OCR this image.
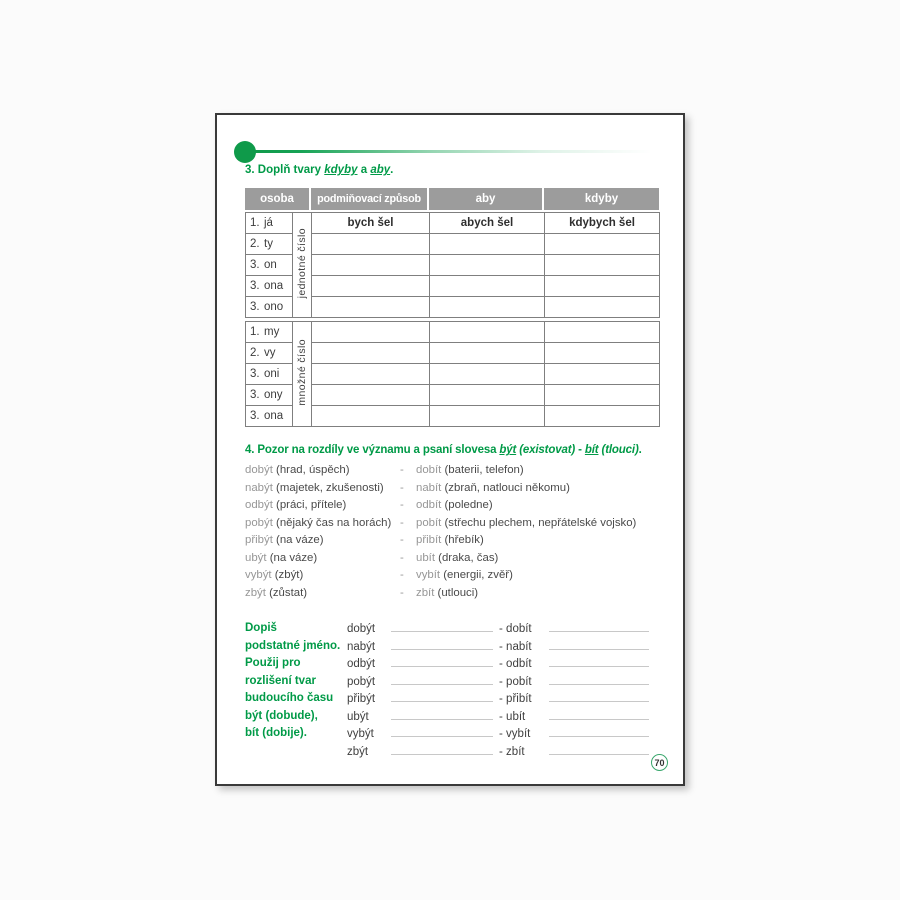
3. Doplň tvary kdyby a aby.
osoba	podmiňovací způsob	aby	kdyby
1. já	jednotné číslo	bych šel	abych šel	kdybych šel
2. ty				
3. on				
3. ona				
3. ono				
1. my	množné číslo			
2. vy				
3. oni				
3. ony				
3. ona				
4. Pozor na rozdíly ve významu a psaní slovesa být (existovat) - bít (tlouci).
dobýt (hrad, úspěch)	-	dobít (baterii, telefon)
nabýt (majetek, zkušenosti)	-	nabít (zbraň, natlouci někomu)
odbýt (práci, přítele)	-	odbít (poledne)
pobýt (nějaký čas na horách) -	pobít (střechu plechem, nepřátelské vojsko)
přibýt (na váze)	-	přibít (hřebík)
ubýt (na váze)	-	ubít (draka, čas)
vybýt (zbýt)	-	vybít (energii, zvěř)
zbýt (zůstat)	-	zbít (utlouci)
Dopiš
podstatné jméno.
Použij pro
rozlišení tvar
budoucího času
být (dobude),
bít (dobije).
dobýt	- dobít
nabýt	- nabít
odbýt	- odbít
pobýt	- pobít
přibýt	- přibít
ubýt	- ubít
vybýt	- vybít
zbýt	- zbít
70
